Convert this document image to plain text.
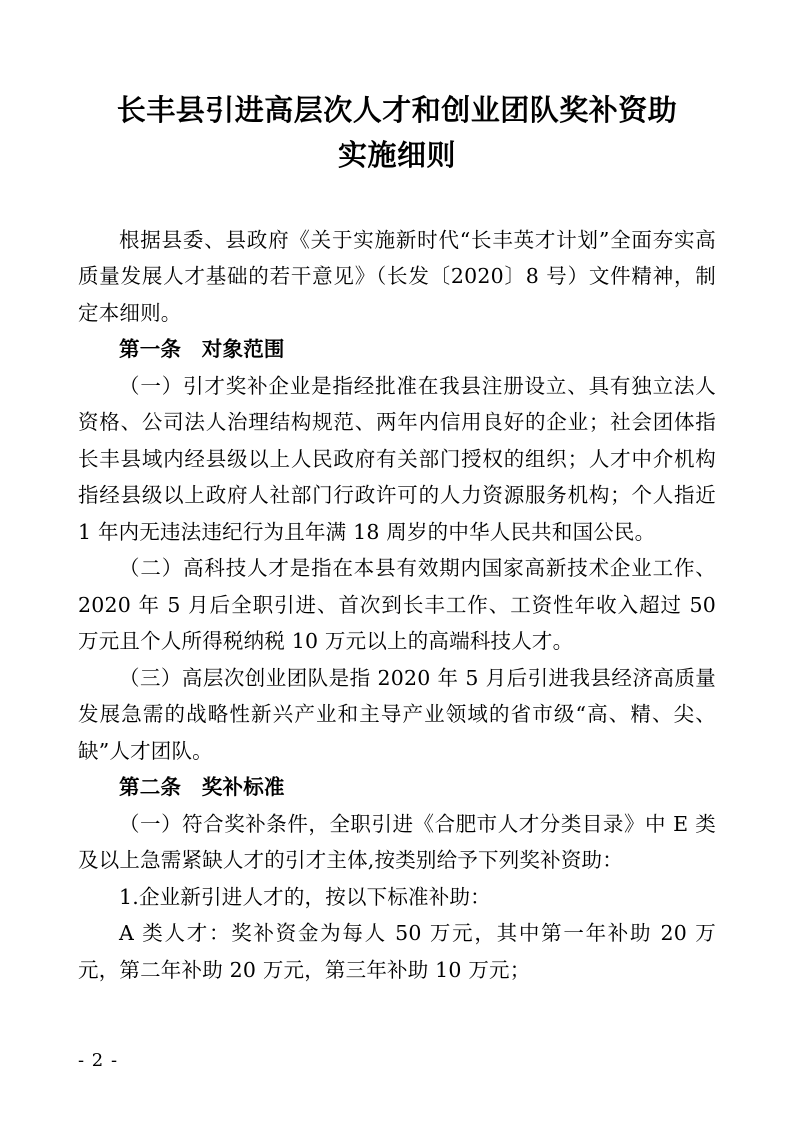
长丰县引进高层次人才和创业团队奖补资助
实施细则

根据县委、县政府《关于实施新时代“长丰英才计划”全面夯实高质量发展人才基础的若干意见》（长发〔2020〕8 号）文件精神，制定本细则。

第一条　对象范围

（一）引才奖补企业是指经批准在我县注册设立、具有独立法人资格、公司法人治理结构规范、两年内信用良好的企业；社会团体指长丰县域内经县级以上人民政府有关部门授权的组织；人才中介机构指经县级以上政府人社部门行政许可的人力资源服务机构；个人指近 1 年内无违法违纪行为且年满 18 周岁的中华人民共和国公民。

（二）高科技人才是指在本县有效期内国家高新技术企业工作、2020 年 5 月后全职引进、首次到长丰工作、工资性年收入超过 50 万元且个人所得税纳税 10 万元以上的高端科技人才。

（三）高层次创业团队是指 2020 年 5 月后引进我县经济高质量发展急需的战略性新兴产业和主导产业领域的省市级“高、精、尖、缺”人才团队。

第二条　奖补标准

（一）符合奖补条件，全职引进《合肥市人才分类目录》中 E 类及以上急需紧缺人才的引才主体,按类别给予下列奖补资助：

1.企业新引进人才的，按以下标准补助：

A 类人才：奖补资金为每人 50 万元，其中第一年补助 20 万元，第二年补助 20 万元，第三年补助 10 万元；

- 2 -
